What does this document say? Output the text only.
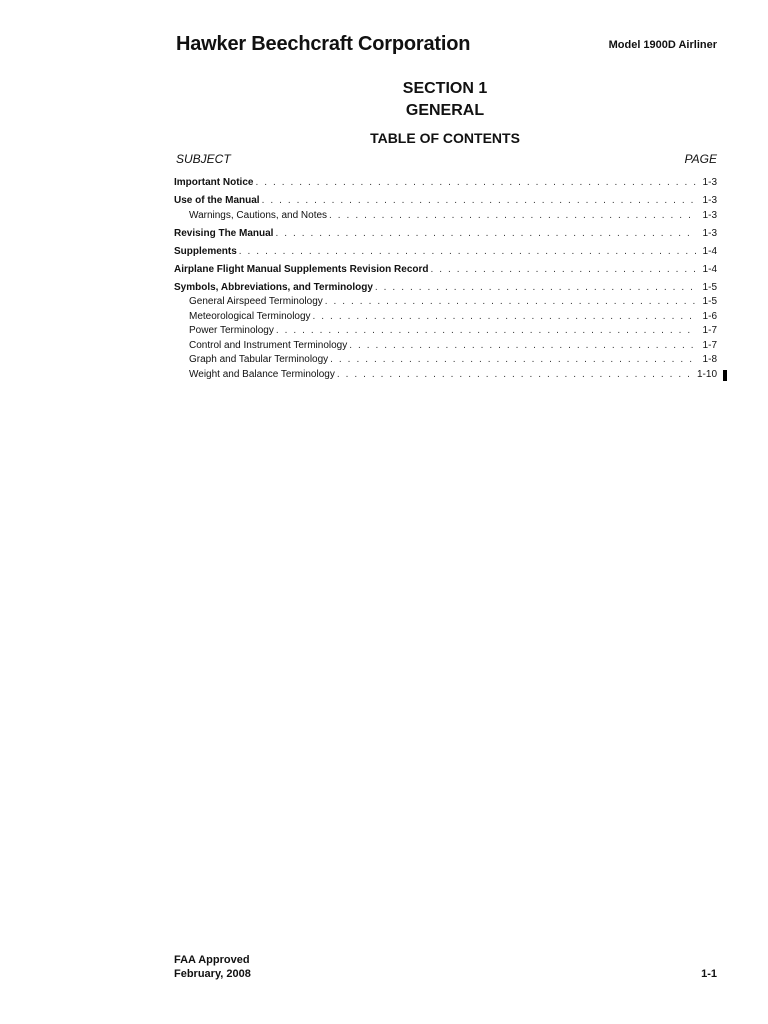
Hawker Beechcraft Corporation	Model 1900D Airliner
SECTION 1
GENERAL
TABLE OF CONTENTS
SUBJECT	PAGE
Important Notice . . .	1-3
Use of the Manual . . .	1-3
Warnings, Cautions, and Notes . . .	1-3
Revising The Manual . . .	1-3
Supplements . . .	1-4
Airplane Flight Manual Supplements Revision Record . . .	1-4
Symbols, Abbreviations, and Terminology . . .	1-5
General Airspeed Terminology . . .	1-5
Meteorological Terminology . . .	1-6
Power Terminology . . .	1-7
Control and Instrument Terminology . . .	1-7
Graph and Tabular Terminology . . .	1-8
Weight and Balance Terminology . . .	1-10
FAA Approved
February, 2008	1-1
